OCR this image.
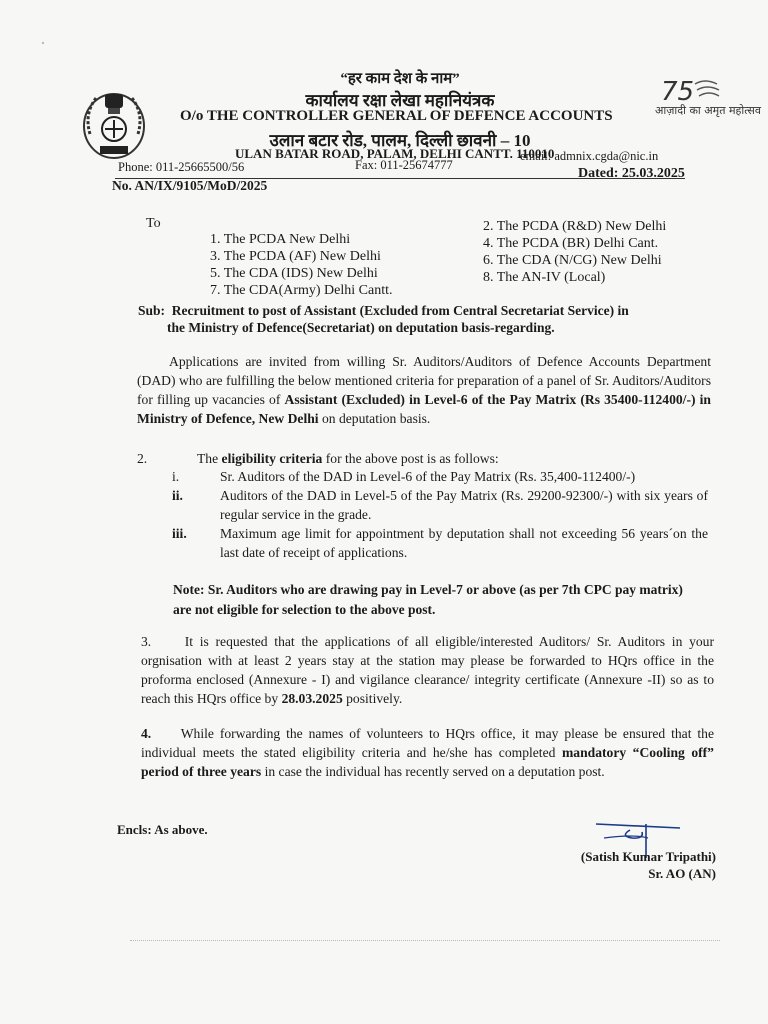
75
आज़ादी का अमृत महोत्सव
“हर काम देश के नाम”
कार्यालय रक्षा लेखा महानियंत्रक
O/o THE CONTROLLER GENERAL OF DEFENCE ACCOUNTS
उलान बटार रोड, पालम, दिल्ली छावनी – 10
ULAN BATAR ROAD, PALAM, DELHI CANTT. 110010
Phone: 011-25665500/56	Fax: 011-25674777
email: admnix.cgda@nic.in
No. AN/IX/9105/MoD/2025
Dated: 25.03.2025
To
1. The PCDA New Delhi
3. The PCDA (AF) New Delhi
5. The CDA (IDS) New Delhi
7. The CDA(Army) Delhi Cantt.
2. The PCDA (R&D) New Delhi
4. The PCDA (BR) Delhi Cant.
6. The CDA (N/CG) New Delhi
8. The AN-IV (Local)
Sub: Recruitment to post of Assistant (Excluded from Central Secretariat Service) in
the Ministry of Defence(Secretariat) on deputation basis-regarding.

Applications are invited from willing Sr. Auditors/Auditors of Defence Accounts Department (DAD) who are fulfilling the below mentioned criteria for preparation of a panel of Sr. Auditors/Auditors for filling up vacancies of Assistant (Excluded) in Level-6 of the Pay Matrix (Rs 35400-112400/-) in Ministry of Defence, New Delhi on deputation basis.

2.	The eligibility criteria for the above post is as follows:
i.	Sr. Auditors of the DAD in Level-6 of the Pay Matrix (Rs. 35,400-112400/-)
ii.	Auditors of the DAD in Level-5 of the Pay Matrix (Rs. 29200-92300/-) with six years of regular service in the grade.
iii. Maximum age limit for appointment by deputation shall not exceeding 56 years´on the last date of receipt of applications.
Note: Sr. Auditors who are drawing pay in Level-7 or above (as per 7th CPC pay matrix) are not eligible for selection to the above post.

3. It is requested that the applications of all eligible/interested Auditors/ Sr. Auditors in your orgnisation with at least 2 years stay at the station may please be forwarded to HQrs office in the proforma enclosed (Annexure - I) and vigilance clearance/ integrity certificate (Annexure -II) so as to reach this HQrs office by 28.03.2025 positively.

4. While forwarding the names of volunteers to HQrs office, it may please be ensured that the individual meets the stated eligibility criteria and he/she has completed mandatory “Cooling off” period of three years in case the individual has recently served on a deputation post.

Encls: As above.
(Satish Kumar Tripathi)
Sr. AO (AN)
